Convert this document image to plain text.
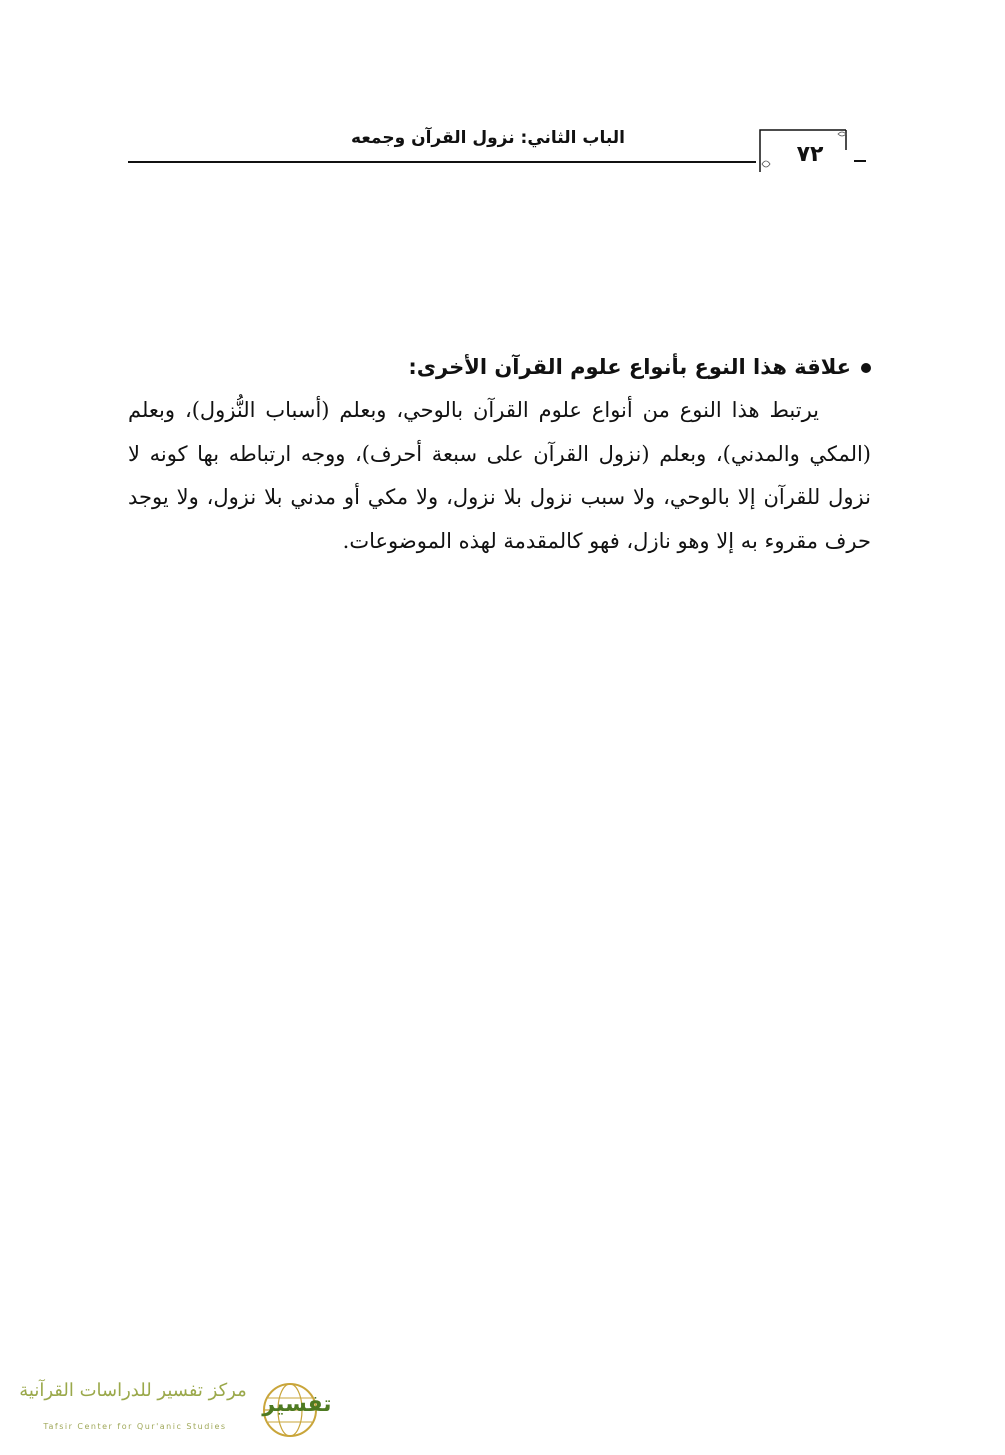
الباب الثاني: نزول القرآن وجمعه
٧٢

علاقة هذا النوع بأنواع علوم القرآن الأخرى:

يرتبط هذا النوع من أنواع علوم القرآن بالوحي، وبعلم (أسباب النُّزول)، وبعلم (المكي والمدني)، وبعلم (نزول القرآن على سبعة أحرف)، ووجه ارتباطه بها كونه لا نزول للقرآن إلا بالوحي، ولا سبب نزول بلا نزول، ولا مكي أو مدني بلا نزول، ولا يوجد حرف مقروء به إلا وهو نازل، فهو كالمقدمة لهذه الموضوعات.

مركز تفسير للدراسات القرآنية
Tafsir Center for Qur'anic Studies
تفسير
